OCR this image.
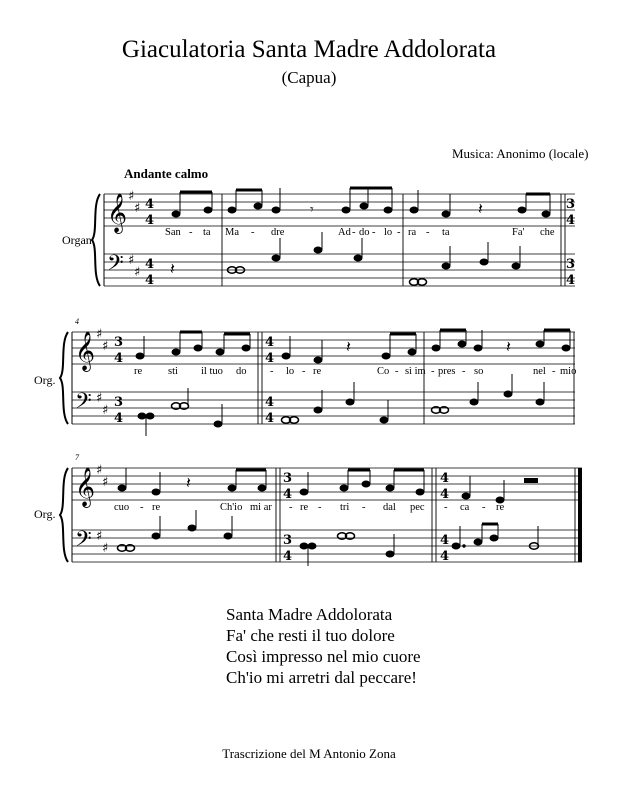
Giaculatoria Santa Madre Addolorata
(Capua)
Musica: Anonimo (locale)
Andante calmo
𝄞
𝄢
♯
♯
♯
♯
4
4
4
4
3
4
3
4
𝄾	𝄽
𝄽
Organ
San - ta Ma - dre	Ad - do - lo - ra - ta	Fa' che
4
𝄞
𝄢
♯
♯
♯
♯
3
4
3
4
4
4
4
4
𝄽	𝄽
Org.
re sti il tuo do - lo - re	Co - sì im - pres - so	nel - mio
7
𝄞
𝄢
♯
♯
♯
♯
3
4
3
4
4
4
4
4
𝄽
Org.	cuo - re	Ch'io mi ar - re - tri - dal pec - ca - re
Santa Madre Addolorata
Fa' che resti il tuo dolore
Così impresso nel mio cuore
Ch'io mi arretri dal peccare!
Trascrizione del M Antonio Zona
